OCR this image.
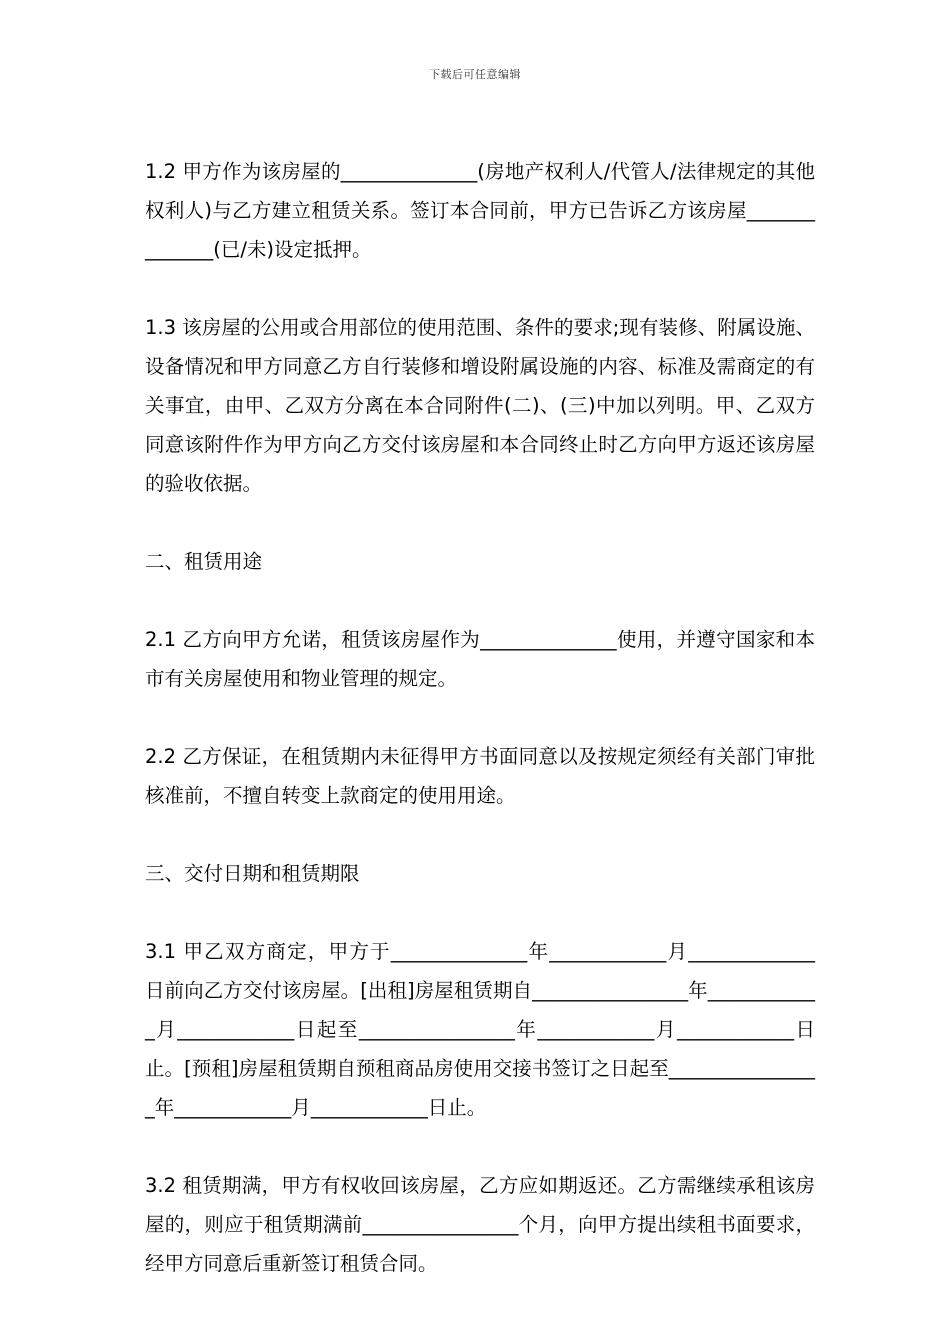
下载后可任意编辑

1.2 甲方作为该房屋的______________(房地产权利人/代管人/法律规定的其他权利人)与乙方建立租赁关系。签订本合同前，甲方已告诉乙方该房屋______________(已/未)设定抵押。

1.3 该房屋的公用或合用部位的使用范围、条件的要求;现有装修、附属设施、设备情况和甲方同意乙方自行装修和增设附属设施的内容、标准及需商定的有关事宜，由甲、乙双方分离在本合同附件(二)、(三)中加以列明。甲、乙双方同意该附件作为甲方向乙方交付该房屋和本合同终止时乙方向甲方返还该房屋的验收依据。

二、租赁用途

2.1 乙方向甲方允诺，租赁该房屋作为______________使用，并遵守国家和本市有关房屋使用和物业管理的规定。

2.2 乙方保证，在租赁期内未征得甲方书面同意以及按规定须经有关部门审批核准前，不擅自转变上款商定的使用用途。

三、交付日期和租赁期限

3.1 甲乙双方商定，甲方于______________年____________月_____________日前向乙方交付该房屋。[出租]房屋租赁期自________________年____________月____________日起至________________年____________月____________日止。[预租]房屋租赁期自预租商品房使用交接书签订之日起至________________年____________月____________日止。

3.2 租赁期满，甲方有权收回该房屋，乙方应如期返还。乙方需继续承租该房屋的，则应于租赁期满前________________个月，向甲方提出续租书面要求，经甲方同意后重新签订租赁合同。
